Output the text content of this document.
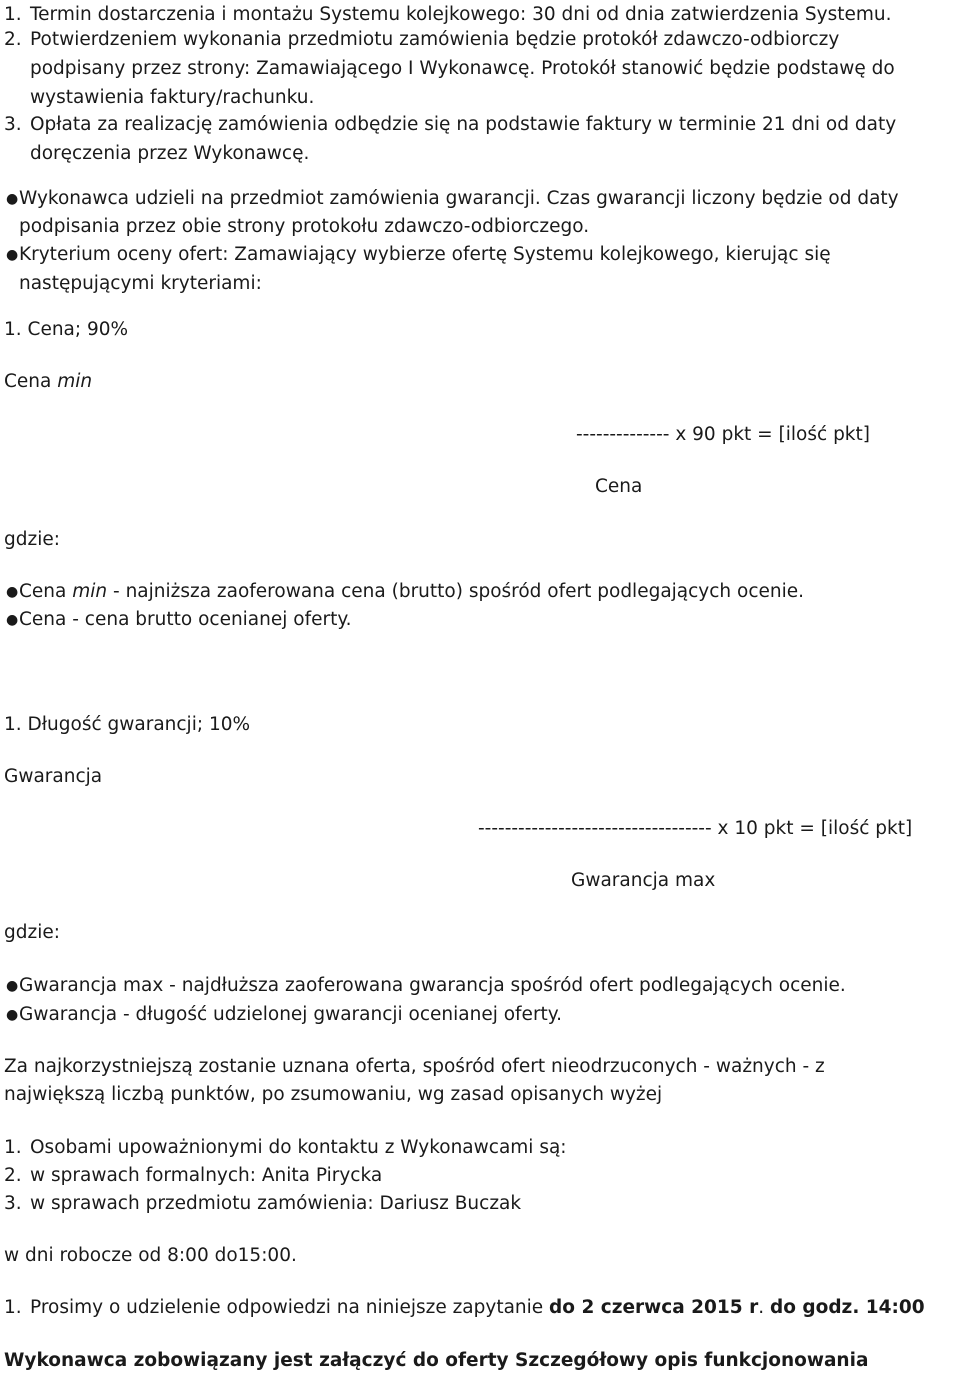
1. Termin dostarczenia i montażu Systemu kolejkowego: 30 dni od dnia zatwierdzenia Systemu.
2. Potwierdzeniem wykonania przedmiotu zamówienia będzie protokół zdawczo-odbiorczy
podpisany przez strony: Zamawiającego I Wykonawcę. Protokół stanowić będzie podstawę do
wystawienia faktury/rachunku.
3. Opłata za realizację zamówienia odbędzie się na podstawie faktury w terminie 21 dni od daty
doręczenia przez Wykonawcę.
●Wykonawca udzieli na przedmiot zamówienia gwarancji. Czas gwarancji liczony będzie od daty
podpisania przez obie strony protokołu zdawczo-odbiorczego.
●Kryterium oceny ofert: Zamawiający wybierze ofertę Systemu kolejkowego, kierując się
następującymi kryteriami:
1. Cena; 90%
Cena min
-------------- x 90 pkt = [ilość pkt]
Cena
gdzie:
●Cena min - najniższa zaoferowana cena (brutto) spośród ofert podlegających ocenie.
●Cena - cena brutto ocenianej oferty.
1. Długość gwarancji; 10%
Gwarancja
----------------------------------- x 10 pkt = [ilość pkt]
Gwarancja max
gdzie:
●Gwarancja max - najdłuższa zaoferowana gwarancja spośród ofert podlegających ocenie.
●Gwarancja - długość udzielonej gwarancji ocenianej oferty.
Za najkorzystniejszą zostanie uznana oferta, spośród ofert nieodrzuconych - ważnych - z
największą liczbą punktów, po zsumowaniu, wg zasad opisanych wyżej
1. Osobami upoważnionymi do kontaktu z Wykonawcami są:
2. w sprawach formalnych: Anita Pirycka
3. w sprawach przedmiotu zamówienia: Dariusz Buczak
w dni robocze od 8:00 do15:00.
1. Prosimy o udzielenie odpowiedzi na niniejsze zapytanie do 2 czerwca 2015 r. do godz. 14:00
Wykonawca zobowiązany jest załączyć do oferty Szczegółowy opis funkcjonowania
